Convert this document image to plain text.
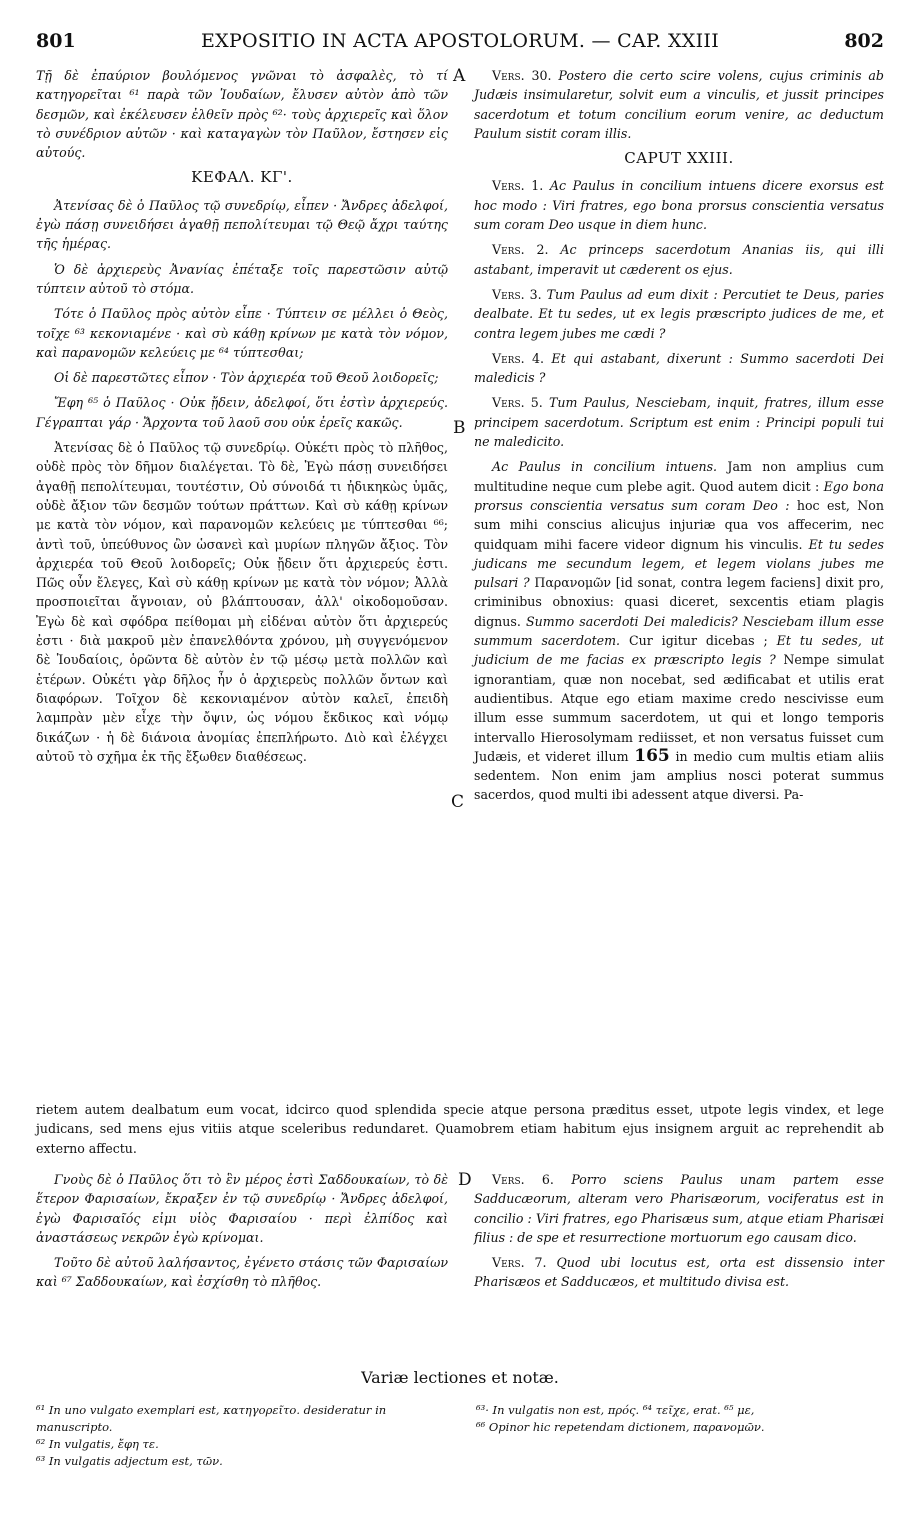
801	EXPOSITIO IN ACTA APOSTOLORUM. — CAP. XXIII	802
A
B
C
D

Τῇ δὲ ἐπαύριον βουλόμενος γνῶναι τὸ ἀσφαλὲς, τὸ τί κατηγορεῖται ⁶¹ παρὰ τῶν Ἰουδαίων, ἔλυσεν αὐτὸν ἀπὸ τῶν δεσμῶν, καὶ ἐκέλευσεν ἐλθεῖν πρὸς ⁶²· τοὺς ἀρχιερεῖς καὶ ὅλον τὸ συνέδριον αὐτῶν · καὶ καταγαγὼν τὸν Παῦλον, ἔστησεν εἰς αὐτούς.

ΚΕΦΑΛ. ΚΓ'.

Ἀτενίσας δὲ ὁ Παῦλος τῷ συνεδρίῳ, εἶπεν · Ἄνδρες ἀδελφοί, ἐγὼ πάσῃ συνειδήσει ἀγαθῇ πεπολίτευμαι τῷ Θεῷ ἄχρι ταύτης τῆς ἡμέρας.

Ὁ δὲ ἀρχιερεὺς Ἀνανίας ἐπέταξε τοῖς παρεστῶσιν αὐτῷ τύπτειν αὐτοῦ τὸ στόμα.

Τότε ὁ Παῦλος πρὸς αὐτὸν εἶπε · Τύπτειν σε μέλλει ὁ Θεὸς, τοῖχε ⁶³ κεκονιαμένε · καὶ σὺ κάθῃ κρίνων με κατὰ τὸν νόμον, καὶ παρανομῶν κελεύεις με ⁶⁴ τύπτεσθαι;

Οἱ δὲ παρεστῶτες εἶπον · Τὸν ἀρχιερέα τοῦ Θεοῦ λοιδορεῖς;

Ἔφη ⁶⁵ ὁ Παῦλος · Οὐκ ᾔδειν, ἀδελφοί, ὅτι ἐστὶν ἀρχιερεύς. Γέγραπται γάρ · Ἄρχοντα τοῦ λαοῦ σου οὐκ ἐρεῖς κακῶς.

Ἀτενίσας δὲ ὁ Παῦλος τῷ συνεδρίῳ. Οὐκέτι πρὸς τὸ πλῆθος, οὐδὲ πρὸς τὸν δῆμον διαλέγεται. Τὸ δὲ, Ἐγὼ πάσῃ συνειδήσει ἀγαθῇ πεπολίτευμαι, τουτέστιν, Οὐ σύνοιδά τι ἠδικηκὼς ὑμᾶς, οὐδὲ ἄξιον τῶν δεσμῶν τούτων πράττων. Καὶ σὺ κάθῃ κρίνων με κατὰ τὸν νόμον, καὶ παρανομῶν κελεύεις με τύπτεσθαι ⁶⁶; ἀντὶ τοῦ, ὑπεύθυνος ὢν ὡσανεὶ καὶ μυρίων πληγῶν ἄξιος. Τὸν ἀρχιερέα τοῦ Θεοῦ λοιδορεῖς; Οὐκ ᾔδειν ὅτι ἀρχιερεύς ἐστι. Πῶς οὖν ἔλεγες, Καὶ σὺ κάθῃ κρίνων με κατὰ τὸν νόμον; Ἀλλὰ προσποιεῖται ἄγνοιαν, οὐ βλάπτουσαν, ἀλλ' οἰκοδομοῦσαν. Ἐγὼ δὲ καὶ σφόδρα πείθομαι μὴ εἰδέναι αὐτὸν ὅτι ἀρχιερεύς ἐστι · διὰ μακροῦ μὲν ἐπανελθόντα χρόνου, μὴ συγγενόμενον δὲ Ἰουδαίοις, ὁρῶντα δὲ αὐτὸν ἐν τῷ μέσῳ μετὰ πολλῶν καὶ ἑτέρων. Οὐκέτι γὰρ δῆλος ἦν ὁ ἀρχιερεὺς πολλῶν ὄντων καὶ διαφόρων. Τοῖχον δὲ κεκονιαμένον αὐτὸν καλεῖ, ἐπειδὴ λαμπρὰν μὲν εἶχε τὴν ὄψιν, ὡς νόμου ἔκδικος καὶ νόμῳ δικάζων · ἡ δὲ διάνοια ἀνομίας ἐπεπλήρωτο. Διὸ καὶ ἐλέγχει αὐτοῦ τὸ σχῆμα ἐκ τῆς ἔξωθεν διαθέσεως.

Vers. 30. Postero die certo scire volens, cujus criminis ab Judæis insimularetur, solvit eum a vinculis, et jussit principes sacerdotum et totum concilium eorum venire, ac deductum Paulum sistit coram illis.

CAPUT XXIII.

Vers. 1. Ac Paulus in concilium intuens dicere exorsus est hoc modo : Viri fratres, ego bona prorsus conscientia versatus sum coram Deo usque in diem hunc.

Vers. 2. Ac princeps sacerdotum Ananias iis, qui illi astabant, imperavit ut cæderent os ejus.

Vers. 3. Tum Paulus ad eum dixit : Percutiet te Deus, paries dealbate. Et tu sedes, ut ex legis præscripto judices de me, et contra legem jubes me cædi ?

Vers. 4. Et qui astabant, dixerunt : Summo sacerdoti Dei maledicis ?

Vers. 5. Tum Paulus, Nesciebam, inquit, fratres, illum esse principem sacerdotum. Scriptum est enim : Principi populi tui ne maledicito.

Ac Paulus in concilium intuens. Jam non amplius cum multitudine neque cum plebe agit. Quod autem dicit : Ego bona prorsus conscientia versatus sum coram Deo : hoc est, Non sum mihi conscius alicujus injuriæ qua vos affecerim, nec quidquam mihi facere videor dignum his vinculis. Et tu sedes judicans me secundum legem, et legem violans jubes me pulsari ? Παρανομῶν [id sonat, contra legem faciens] dixit pro, criminibus obnoxius: quasi diceret, sexcentis etiam plagis dignus. Summo sacerdoti Dei maledicis? Nesciebam illum esse summum sacerdotem. Cur igitur dicebas ; Et tu sedes, ut judicium de me facias ex præscripto legis ? Nempe simulat ignorantiam, quæ non nocebat, sed ædificabat et utilis erat audientibus. Atque ego etiam maxime credo nescivisse eum illum esse summum sacerdotem, ut qui et longo temporis intervallo Hierosolymam rediisset, et non versatus fuisset cum Judæis, et videret illum 165 in medio cum multis etiam aliis sedentem. Non enim jam amplius nosci poterat summus sacerdos, quod multi ibi adessent atque diversi. Pa-

rietem autem dealbatum eum vocat, idcirco quod splendida specie atque persona præditus esset, utpote legis vindex, et lege judicans, sed mens ejus vitiis atque sceleribus redundaret. Quamobrem etiam habitum ejus insignem arguit ac reprehendit ab externo affectu.

Γνοὺς δὲ ὁ Παῦλος ὅτι τὸ ἓν μέρος ἐστὶ Σαδδουκαίων, τὸ δὲ ἕτερον Φαρισαίων, ἔκραξεν ἐν τῷ συνεδρίῳ · Ἄνδρες ἀδελφοί, ἐγὼ Φαρισαῖός εἰμι υἱὸς Φαρισαίου · περὶ ἐλπίδος καὶ ἀναστάσεως νεκρῶν ἐγὼ κρίνομαι.

Τοῦτο δὲ αὐτοῦ λαλήσαντος, ἐγένετο στάσις τῶν Φαρισαίων καὶ ⁶⁷ Σαδδουκαίων, καὶ ἐσχίσθη τὸ πλῆθος.

Vers. 6. Porro sciens Paulus unam partem esse Sadducæorum, alteram vero Pharisæorum, vociferatus est in concilio : Viri fratres, ego Pharisæus sum, atque etiam Pharisæi filius : de spe et resurrectione mortuorum ego causam dico.

Vers. 7. Quod ubi locutus est, orta est dissensio inter Pharisæos et Sadducæos, et multitudo divisa est.

Variæ lectiones et notæ.
⁶¹ In uno vulgato exemplari est, κατηγορεῖτο. desideratur in manuscripto.
⁶² In vulgatis, ἔφη τε.
⁶³ In vulgatis adjectum est, τῶν.
⁶³· In vulgatis non est, πρός. ⁶⁴ τεῖχε, erat. ⁶⁵ με,
⁶⁶ Opinor hic repetendam dictionem, παρανομῶν.
